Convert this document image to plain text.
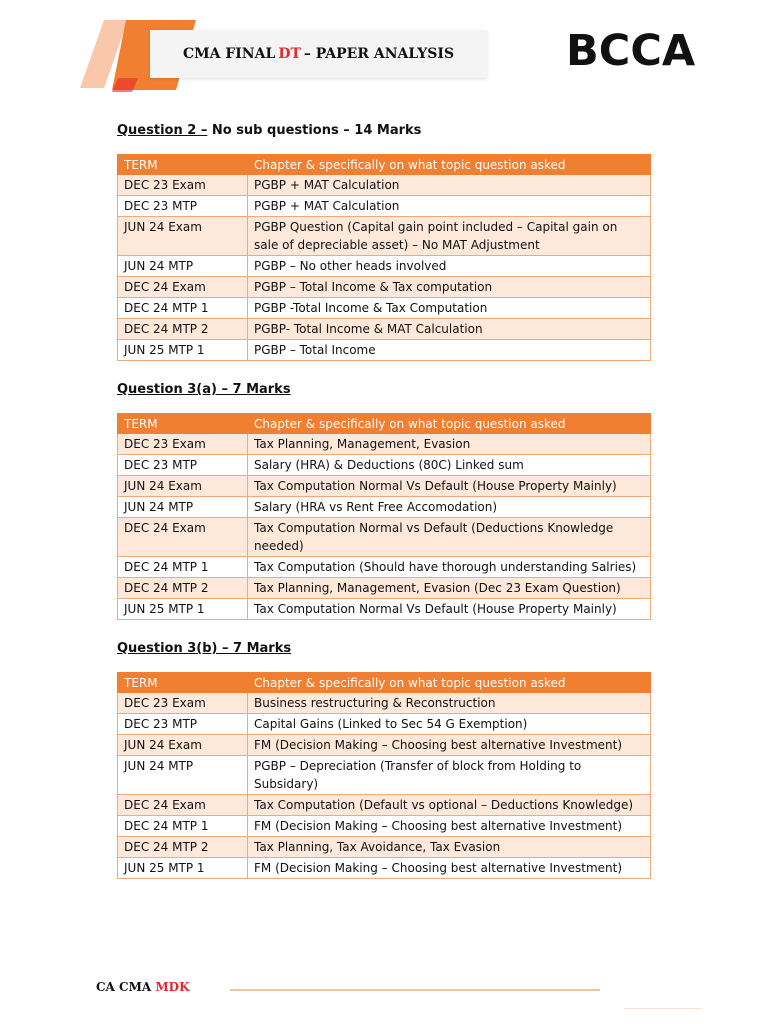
CMA FINAL DT – PAPER ANALYSIS	BCCA
Question 2 – No sub questions – 14 Marks
TERM	Chapter & specifically on what topic question asked
DEC 23 Exam	PGBP + MAT Calculation
DEC 23 MTP	PGBP + MAT Calculation
JUN 24 Exam	PGBP Question (Capital gain point included – Capital gain on sale of depreciable asset) – No MAT Adjustment
JUN 24 MTP	PGBP – No other heads involved
DEC 24 Exam	PGBP – Total Income & Tax computation
DEC 24 MTP 1	PGBP -Total Income & Tax Computation
DEC 24 MTP 2	PGBP- Total Income & MAT Calculation
JUN 25 MTP 1	PGBP – Total Income
Question 3(a) – 7 Marks
TERM	Chapter & specifically on what topic question asked
DEC 23 Exam	Tax Planning, Management, Evasion
DEC 23 MTP	Salary (HRA) & Deductions (80C) Linked sum
JUN 24 Exam	Tax Computation Normal Vs Default (House Property Mainly)
JUN 24 MTP	Salary (HRA vs Rent Free Accomodation)
DEC 24 Exam	Tax Computation Normal vs Default (Deductions Knowledge needed)
DEC 24 MTP 1	Tax Computation (Should have thorough understanding Salries)
DEC 24 MTP 2	Tax Planning, Management, Evasion (Dec 23 Exam Question)
JUN 25 MTP 1	Tax Computation Normal Vs Default (House Property Mainly)
Question 3(b) – 7 Marks
TERM	Chapter & specifically on what topic question asked
DEC 23 Exam	Business restructuring & Reconstruction
DEC 23 MTP	Capital Gains (Linked to Sec 54 G Exemption)
JUN 24 Exam	FM (Decision Making – Choosing best alternative Investment)
JUN 24 MTP	PGBP – Depreciation (Transfer of block from Holding to Subsidary)
DEC 24 Exam	Tax Computation (Default vs optional – Deductions Knowledge)
DEC 24 MTP 1	FM (Decision Making – Choosing best alternative Investment)
DEC 24 MTP 2	Tax Planning, Tax Avoidance, Tax Evasion
JUN 25 MTP 1	FM (Decision Making – Choosing best alternative Investment)
CA CMA MDK
